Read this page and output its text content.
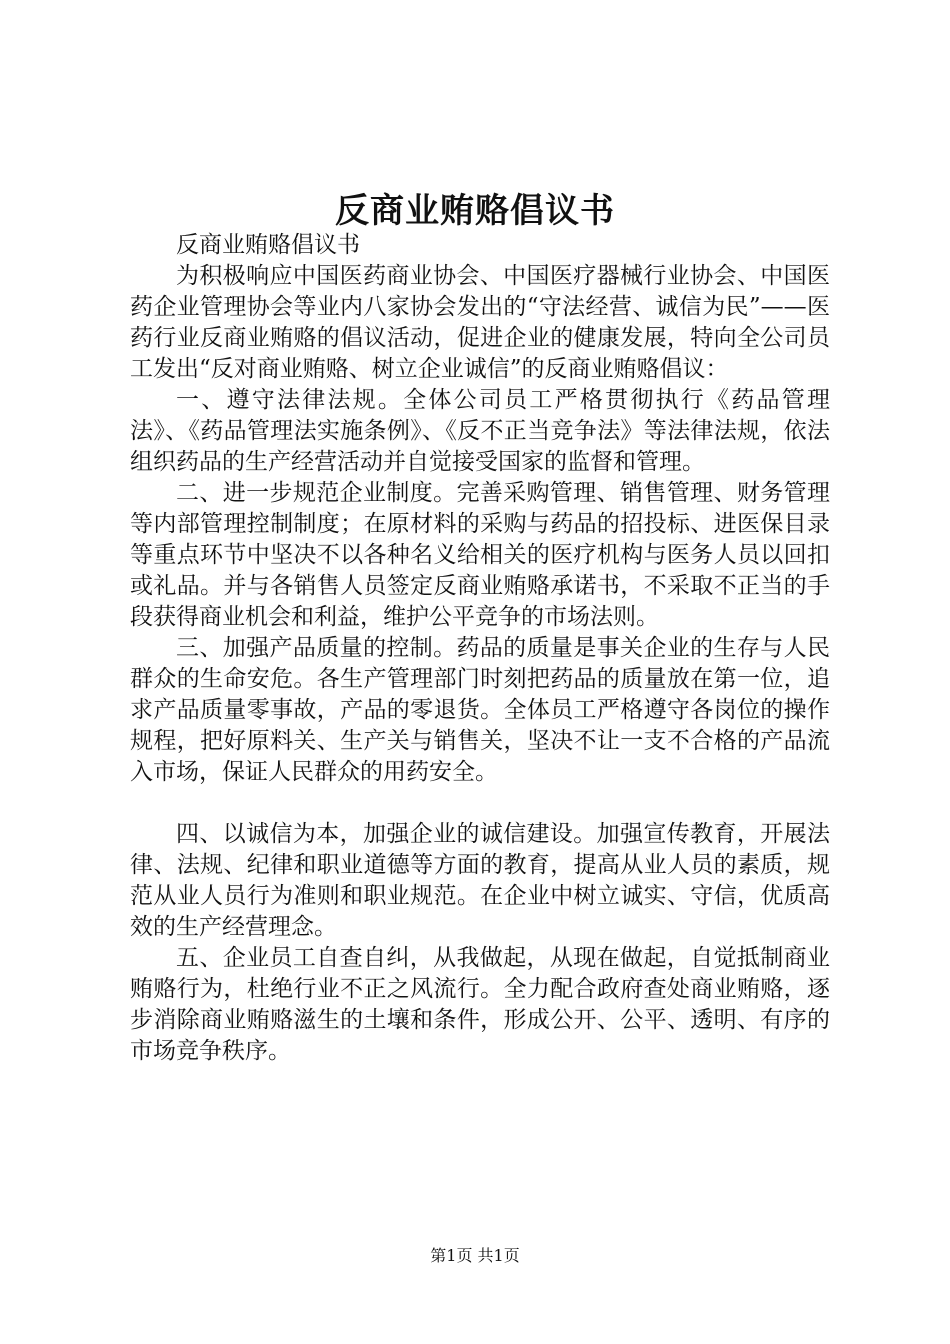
反商业贿赂倡议书

反商业贿赂倡议书

为积极响应中国医药商业协会、中国医疗器械行业协会、中国医药企业管理协会等业内八家协会发出的“守法经营、诚信为民”——医药行业反商业贿赂的倡议活动，促进企业的健康发展，特向全公司员工发出“反对商业贿赂、树立企业诚信”的反商业贿赂倡议：

一、遵守法律法规。全体公司员工严格贯彻执行《药品管理法》、《药品管理法实施条例》、《反不正当竞争法》等法律法规，依法组织药品的生产经营活动并自觉接受国家的监督和管理。

二、进一步规范企业制度。完善采购管理、销售管理、财务管理等内部管理控制制度；在原材料的采购与药品的招投标、进医保目录等重点环节中坚决不以各种名义给相关的医疗机构与医务人员以回扣或礼品。并与各销售人员签定反商业贿赂承诺书，不采取不正当的手段获得商业机会和利益，维护公平竞争的市场法则。

三、加强产品质量的控制。药品的质量是事关企业的生存与人民群众的生命安危。各生产管理部门时刻把药品的质量放在第一位，追求产品质量零事故，产品的零退货。全体员工严格遵守各岗位的操作规程，把好原料关、生产关与销售关，坚决不让一支不合格的产品流入市场，保证人民群众的用药安全。

四、以诚信为本，加强企业的诚信建设。加强宣传教育，开展法律、法规、纪律和职业道德等方面的教育，提高从业人员的素质，规范从业人员行为准则和职业规范。在企业中树立诚实、守信，优质高效的生产经营理念。

五、企业员工自查自纠，从我做起，从现在做起，自觉抵制商业贿赂行为，杜绝行业不正之风流行。全力配合政府查处商业贿赂，逐步消除商业贿赂滋生的土壤和条件，形成公开、公平、透明、有序的市场竞争秩序。

第1页 共1页
